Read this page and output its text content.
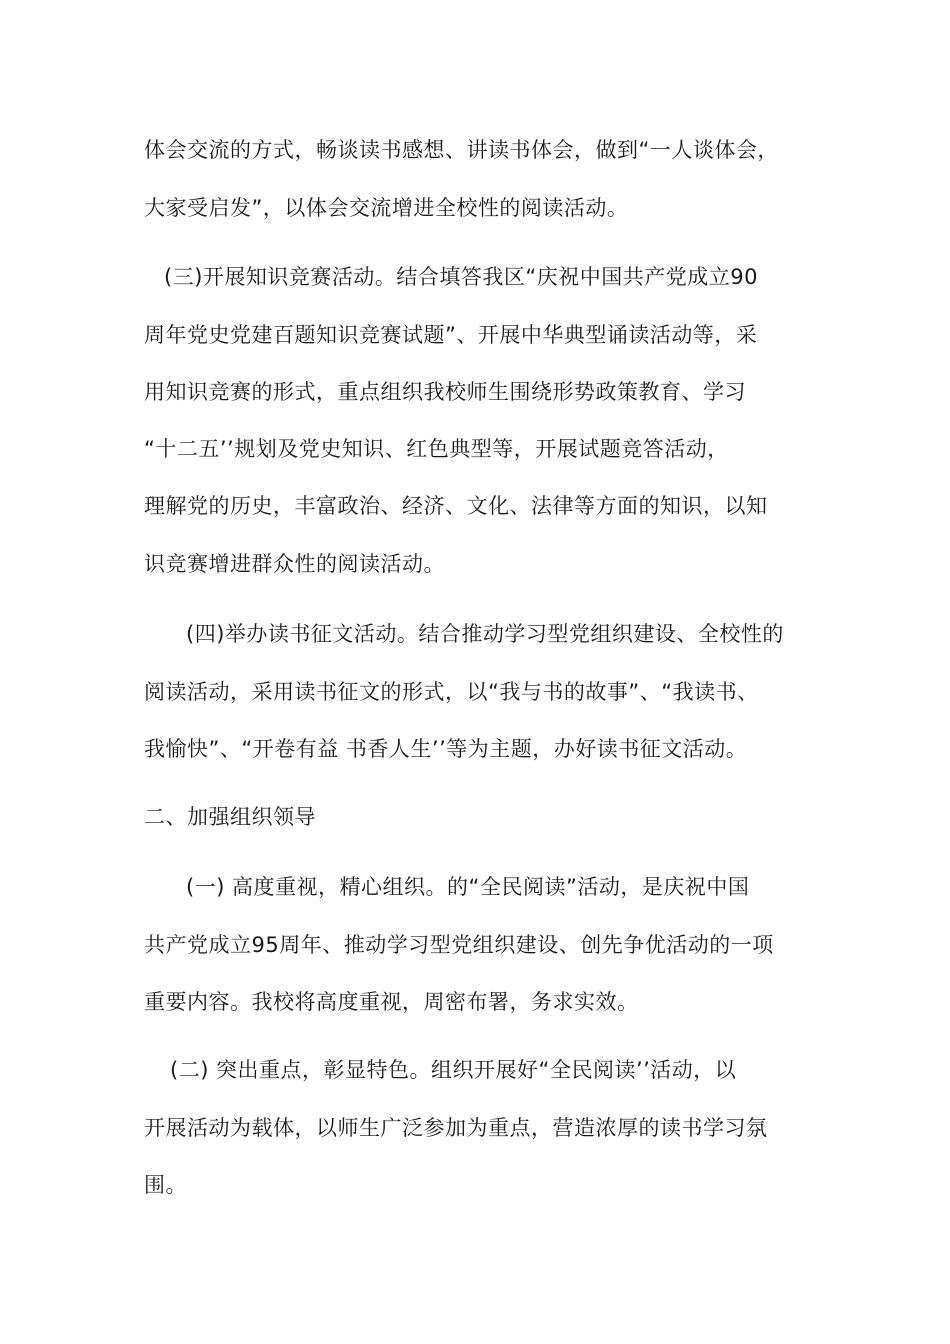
体会交流的方式，畅谈读书感想、讲读书体会，做到“一人谈体会，
大家受启发”，以体会交流增进全校性的阅读活动。
(三)开展知识竞赛活动。结合填答我区“庆祝中国共产党成立90
周年党史党建百题知识竞赛试题”、开展中华典型诵读活动等，采
用知识竞赛的形式，重点组织我校师生围绕形势政策教育、学习
“十二五’’规划及党史知识、红色典型等，开展试题竞答活动，
理解党的历史，丰富政治、经济、文化、法律等方面的知识，以知
识竞赛增进群众性的阅读活动。
(四)举办读书征文活动。结合推动学习型党组织建设、全校性的
阅读活动，采用读书征文的形式，以“我与书的故事”、“我读书、
我愉快”、“开卷有益 书香人生’’等为主题，办好读书征文活动。
二、加强组织领导
(一) 高度重视，精心组织。的“全民阅读”活动，是庆祝中国
共产党成立95周年、推动学习型党组织建设、创先争优活动的一项
重要内容。我校将高度重视，周密布署，务求实效。
(二) 突出重点，彰显特色。组织开展好“全民阅读’’活动，以
开展活动为载体，以师生广泛参加为重点，营造浓厚的读书学习氛
围。
